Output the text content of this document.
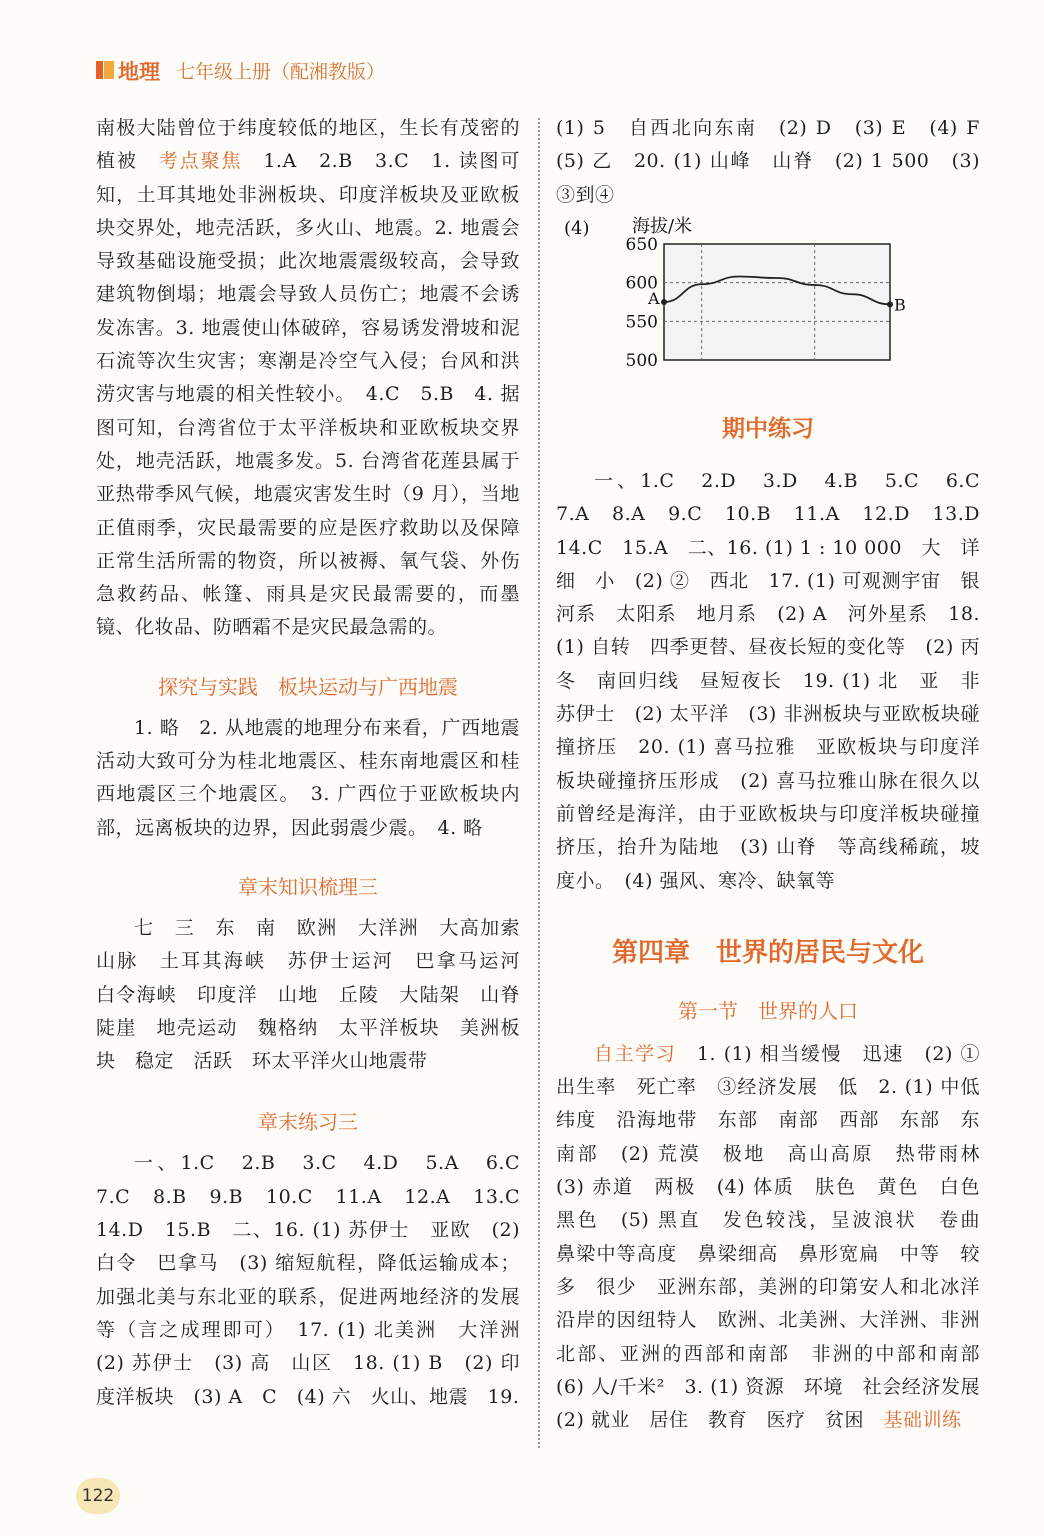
地理 七年级上册（配湘教版）

南极大陆曾位于纬度较低的地区，生长有茂密的植被　 考点聚焦　 1.A　2.B　3.C　1. 读图可知，土耳其地处非洲板块、印度洋板块及亚欧板块交界处，地壳活跃，多火山、地震。2. 地震会导致基础设施受损；此次地震震级较高，会导致建筑物倒塌；地震会导致人员伤亡；地震不会诱发冻害。3. 地震使山体破碎，容易诱发滑坡和泥石流等次生灾害；寒潮是冷空气入侵；台风和洪涝灾害与地震的相关性较小。　4.C　5.B　4. 据图可知，台湾省位于太平洋板块和亚欧板块交界处，地壳活跃，地震多发。5. 台湾省花莲县属于亚热带季风气候，地震灾害发生时（9 月），当地正值雨季，灾民最需要的应是医疗救助以及保障正常生活所需的物资，所以被褥、氧气袋、外伤急救药品、帐篷、雨具是灾民最需要的，而墨镜、化妆品、防晒霜不是灾民最急需的。

探究与实践　板块运动与广西地震

1. 略　2. 从地震的地理分布来看，广西地震活动大致可分为桂北地震区、桂东南地震区和桂西地震区三个地震区。　3. 广西位于亚欧板块内部，远离板块的边界，因此弱震少震。　4. 略

章末知识梳理三

七　三　东　南　欧洲　大洋洲　大高加索山脉　土耳其海峡　苏伊士运河　巴拿马运河　白令海峡　印度洋　山地　丘陵　大陆架　山脊　陡崖　地壳运动　魏格纳　太平洋板块　美洲板块　稳定　活跃　环太平洋火山地震带

章末练习三

一、1.C　2.B　3.C　4.D　5.A　6.C　7.C　8.B　9.B　10.C　11.A　12.A　13.C　14.D　15.B　二、16. (1) 苏伊士　亚欧　(2) 白令　巴拿马　(3) 缩短航程，降低运输成本；加强北美与东北亚的联系，促进两地经济的发展等（言之成理即可）　17. (1) 北美洲　大洋洲　(2) 苏伊士　(3) 高　山区　18. (1) B　(2) 印度洋板块　(3) A　C　(4) 六　火山、地震　19.

(1) 5　自西北向东南　(2) D　(3) E　(4) F　(5) 乙　20. (1) 山峰　山脊　(2) 1 500　(3) ③到④

(4) 海拔/米
650
600
550
500
A	B
期中练习

一、1.C　2.D　3.D　4.B　5.C　6.C　7.A　8.A　9.C　10.B　11.A　12.D　13.D　14.C　15.A　二、16. (1) 1 : 10 000　大　详细　小　(2) ②　西北　17. (1) 可观测宇宙　银河系　太阳系　地月系　(2) A　河外星系　18. (1) 自转　四季更替、昼夜长短的变化等　(2) 丙　冬　南回归线　昼短夜长　19. (1) 北　亚　非　苏伊士　(2) 太平洋　(3) 非洲板块与亚欧板块碰撞挤压　20. (1) 喜马拉雅　亚欧板块与印度洋板块碰撞挤压形成　(2) 喜马拉雅山脉在很久以前曾经是海洋，由于亚欧板块与印度洋板块碰撞挤压，抬升为陆地　(3) 山脊　等高线稀疏，坡度小。　(4) 强风、寒冷、缺氧等

第四章　世界的居民与文化
第一节　世界的人口

自主学习　 1. (1) 相当缓慢　迅速　(2) ①出生率　死亡率　③经济发展　低　2. (1) 中低纬度　沿海地带　东部　南部　西部　东部　东南部　(2) 荒漠　极地　高山高原　热带雨林　(3) 赤道　两极　(4) 体质　肤色　黄色　白色　黑色　(5) 黑直　发色较浅，呈波浪状　卷曲　鼻梁中等高度　鼻梁细高　鼻形宽扁　中等　较多　很少　亚洲东部，美洲的印第安人和北冰洋沿岸的因纽特人　欧洲、北美洲、大洋洲、非洲北部、亚洲的西部和南部　非洲的中部和南部　(6) 人/千米²　3. (1) 资源　环境　社会经济发展　(2) 就业　居住　教育　医疗　贫困　 基础训练

122
